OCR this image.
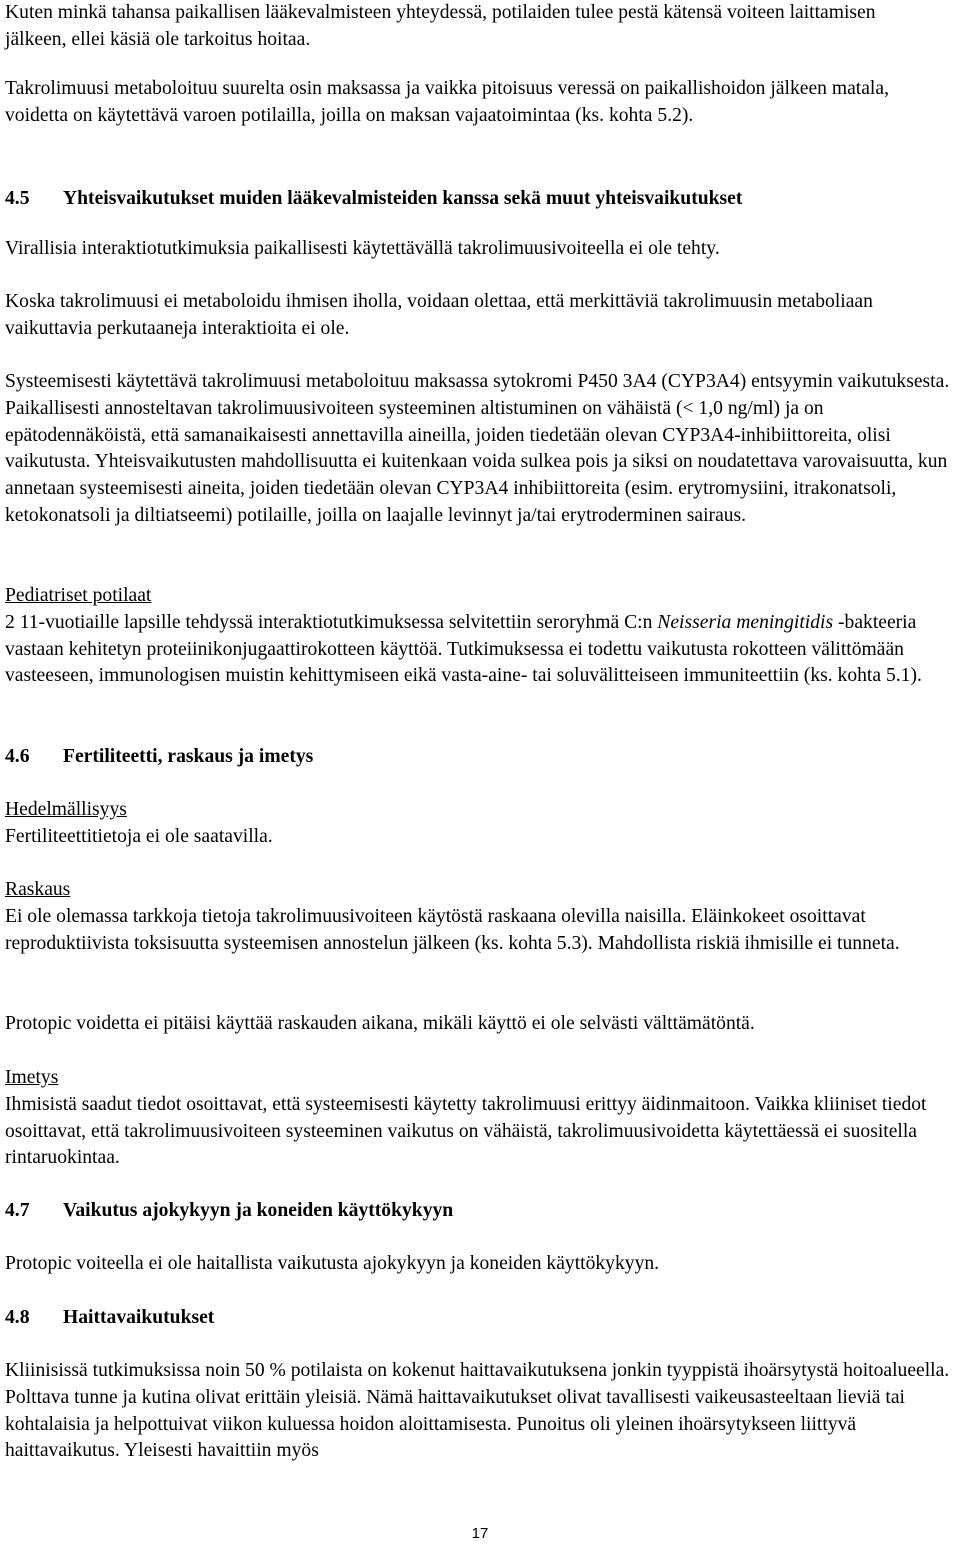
Kuten minkä tahansa paikallisen lääkevalmisteen yhteydessä, potilaiden tulee pestä kätensä voiteen laittamisen jälkeen, ellei käsiä ole tarkoitus hoitaa.

Takrolimuusi metaboloituu suurelta osin maksassa ja vaikka pitoisuus veressä on paikallishoidon jälkeen matala, voidetta on käytettävä varoen potilailla, joilla on maksan vajaatoimintaa (ks. kohta 5.2).

4.5 Yhteisvaikutukset muiden lääkevalmisteiden kanssa sekä muut yhteisvaikutukset

Virallisia interaktiotutkimuksia paikallisesti käytettävällä takrolimuusivoiteella ei ole tehty.

Koska takrolimuusi ei metaboloidu ihmisen iholla, voidaan olettaa, että merkittäviä takrolimuusin metaboliaan vaikuttavia perkutaaneja interaktioita ei ole.

Systeemisesti käytettävä takrolimuusi metaboloituu maksassa sytokromi P450 3A4 (CYP3A4) entsyymin vaikutuksesta. Paikallisesti annosteltavan takrolimuusivoiteen systeeminen altistuminen on vähäistä (< 1,0 ng/ml) ja on epätodennäköistä, että samanaikaisesti annettavilla aineilla, joiden tiedetään olevan CYP3A4-inhibiittoreita, olisi vaikutusta. Yhteisvaikutusten mahdollisuutta ei kuitenkaan voida sulkea pois ja siksi on noudatettava varovaisuutta, kun annetaan systeemisesti aineita, joiden tiedetään olevan CYP3A4 inhibiittoreita (esim. erytromysiini, itrakonatsoli, ketokonatsoli ja diltiatseemi) potilaille, joilla on laajalle levinnyt ja/tai erytroderminen sairaus.

Pediatriset potilaat

2 11-vuotiaille lapsille tehdyssä interaktiotutkimuksessa selvitettiin seroryhmä C:n Neisseria meningitidis -bakteeria vastaan kehitetyn proteiinikonjugaattirokotteen käyttöä. Tutkimuksessa ei todettu vaikutusta rokotteen välittömään vasteeseen, immunologisen muistin kehittymiseen eikä vasta-aine- tai soluvälitteiseen immuniteettiin (ks. kohta 5.1).

4.6 Fertiliteetti, raskaus ja imetys
Hedelmällisyys

Fertiliteettitietoja ei ole saatavilla.

Raskaus

Ei ole olemassa tarkkoja tietoja takrolimuusivoiteen käytöstä raskaana olevilla naisilla. Eläinkokeet osoittavat reproduktiivista toksisuutta systeemisen annostelun jälkeen (ks. kohta 5.3). Mahdollista riskiä ihmisille ei tunneta.

Protopic voidetta ei pitäisi käyttää raskauden aikana, mikäli käyttö ei ole selvästi välttämätöntä.

Imetys

Ihmisistä saadut tiedot osoittavat, että systeemisesti käytetty takrolimuusi erittyy äidinmaitoon. Vaikka kliiniset tiedot osoittavat, että takrolimuusivoiteen systeeminen vaikutus on vähäistä, takrolimuusivoidetta käytettäessä ei suositella rintaruokintaa.

4.7 Vaikutus ajokykyyn ja koneiden käyttökykyyn

Protopic voiteella ei ole haitallista vaikutusta ajokykyyn ja koneiden käyttökykyyn.

4.8 Haittavaikutukset

Kliinisissä tutkimuksissa noin 50 % potilaista on kokenut haittavaikutuksena jonkin tyyppistä ihoärsytystä hoitoalueella. Polttava tunne ja kutina olivat erittäin yleisiä. Nämä haittavaikutukset olivat tavallisesti vaikeusasteeltaan lieviä tai kohtalaisia ja helpottuivat viikon kuluessa hoidon aloittamisesta. Punoitus oli yleinen ihoärsytykseen liittyvä haittavaikutus. Yleisesti havaittiin myös

17
